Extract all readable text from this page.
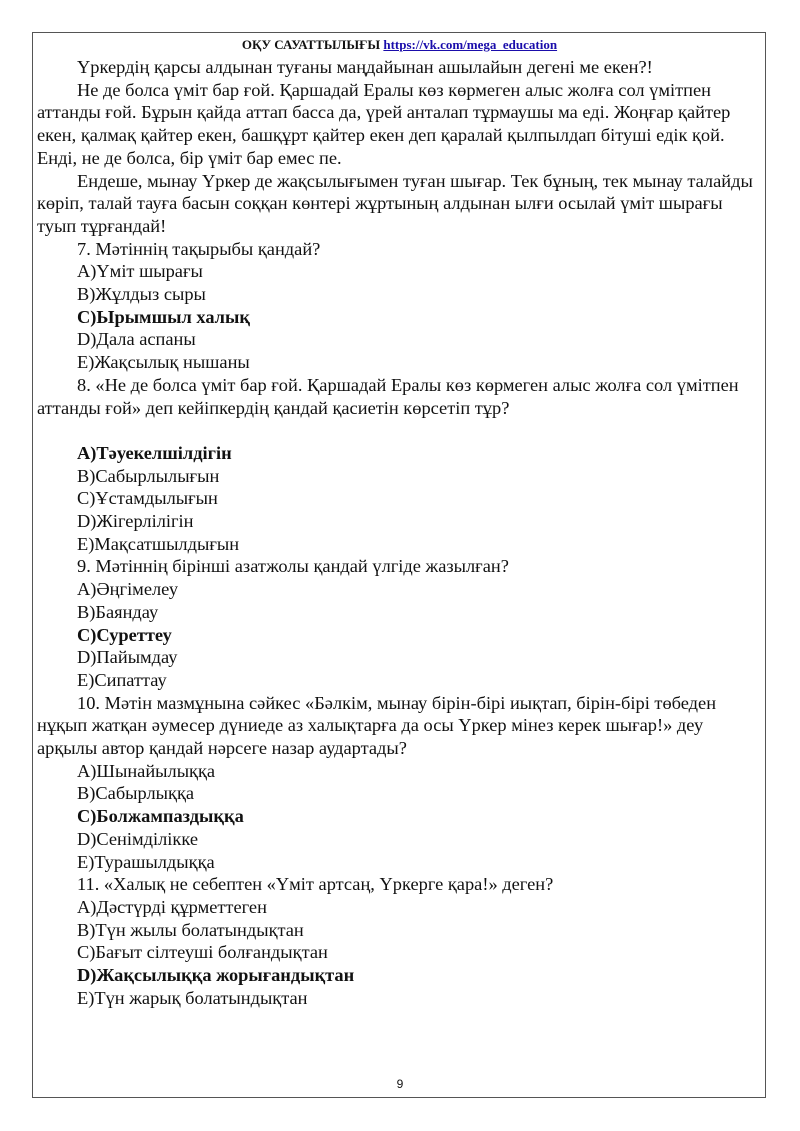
ОҚУ САУАТТЫЛЫҒЫ https://vk.com/mega_education

Үркердің қарсы алдынан туғаны маңдайынан ашылайын дегені ме екен?!

Не де болса үміт бар ғой. Қаршадай Ералы көз көрмеген алыс жолға сол үмітпен аттанды ғой. Бұрын қайда аттап басса да, үрей анталап тұрмаушы ма еді. Жоңғар қайтер екен, қалмақ қайтер екен, башқұрт қайтер екен деп қаралай қылпылдап бітуші едік қой. Енді, не де болса, бір үміт бар емес пе.

Ендеше, мынау Үркер де жақсылығымен туған шығар. Тек бұның, тек мынау талайды көріп, талай тауға басын соққан көнтері жұртының алдынан ылғи осылай үміт шырағы туып тұрғандай!

7. Мәтіннің тақырыбы қандай?

A)Үміт шырағы

B)Жұлдыз сыры

C)Ырымшыл халық

D)Дала аспаны

E)Жақсылық нышаны

8. «Не де болса үміт бар ғой. Қаршадай Ералы көз көрмеген алыс жолға сол үмітпен аттанды ғой» деп кейіпкердің қандай қасиетін көрсетіп тұр?

A)Тәуекелшілдігін

B)Сабырлылығын

C)Ұстамдылығын

D)Жігерлілігін

E)Мақсатшылдығын

9. Мәтіннің бірінші азатжолы қандай үлгіде жазылған?

A)Әңгімелеу

B)Баяндау

C)Суреттеу

D)Пайымдау

E)Сипаттау

10. Мәтін мазмұнына сәйкес «Бәлкім, мынау бірін-бірі иықтап, бірін-бірі төбеден нұқып жатқан әумесер дүниеде аз халықтарға да осы Үркер мінез керек шығар!» деу арқылы автор қандай нәрсеге назар аудартады?

A)Шынайылыққа

B)Сабырлыққа

C)Болжампаздыққа

D)Сенімділікке

E)Турашылдыққа

11. «Халық не себептен «Үміт артсаң, Үркерге қара!» деген?

A)Дәстүрді құрметтеген

B)Түн жылы болатындықтан

C)Бағыт сілтеуші болғандықтан

D)Жақсылыққа жорығандықтан

E)Түн жарық болатындықтан

9
